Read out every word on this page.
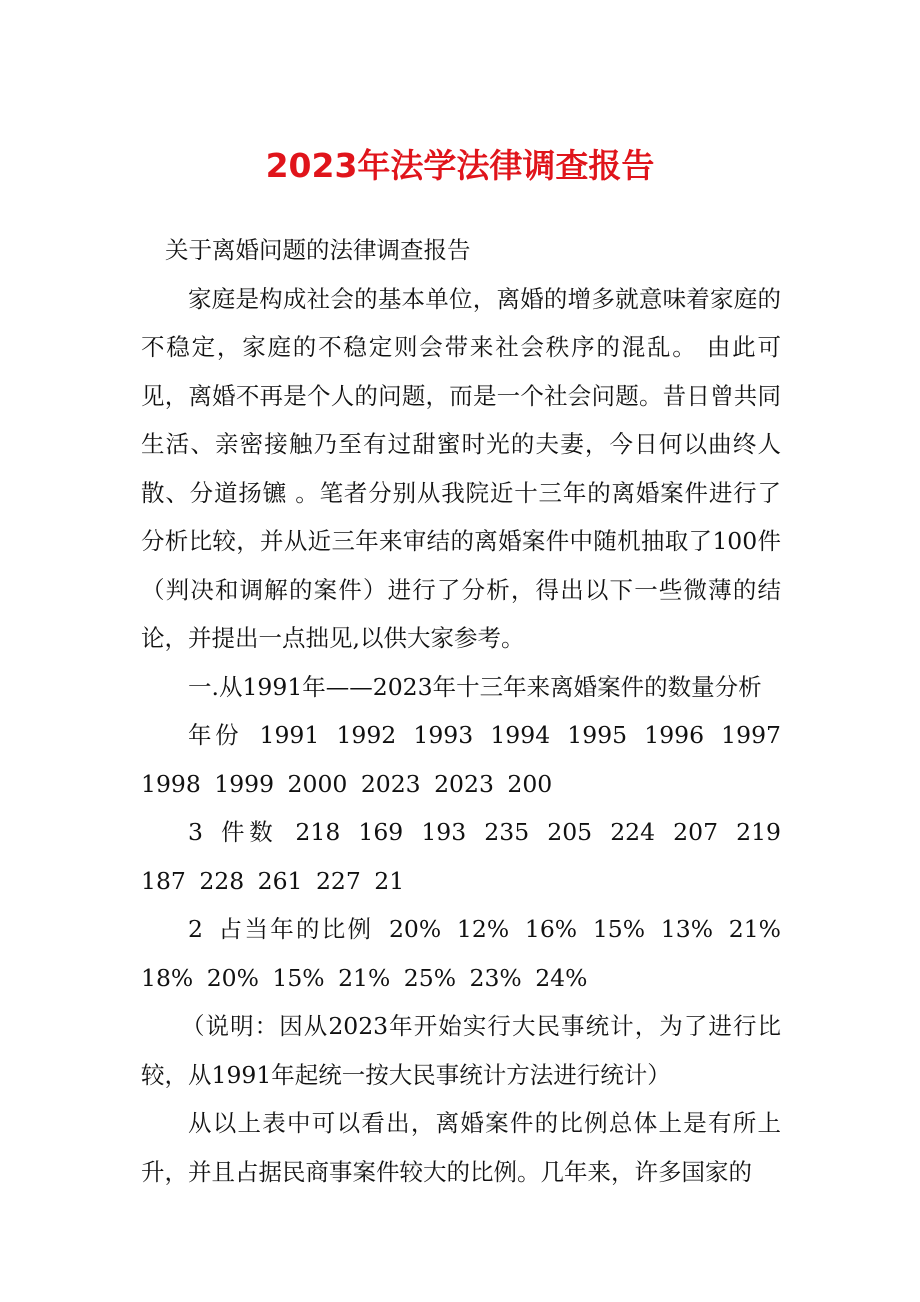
2023年法学法律调查报告

关于离婚问题的法律调查报告

家庭是构成社会的基本单位，离婚的增多就意味着家庭的不稳定，家庭的不稳定则会带来社会秩序的混乱。 由此可见，离婚不再是个人的问题，而是一个社会问题。昔日曾共同生活、亲密接触乃至有过甜蜜时光的夫妻，今日何以曲终人散、分道扬镳 。笔者分别从我院近十三年的离婚案件进行了分析比较，并从近三年来审结的离婚案件中随机抽取了100件（判决和调解的案件）进行了分析，得出以下一些微薄的结论，并提出一点拙见,以供大家参考。

一.从1991年——2023年十三年来离婚案件的数量分析

年份 1991 1992 1993 1994 1995 1996 1997 1998 1999 2000 2023 2023 200

3 件数 218 169 193 235 205 224 207 219 187 228 261 227 21

2 占当年的比例 20% 12% 16% 15% 13% 21% 18% 20% 15% 21% 25% 23% 24%

（说明：因从2023年开始实行大民事统计，为了进行比较，从1991年起统一按大民事统计方法进行统计）

从以上表中可以看出，离婚案件的比例总体上是有所上升，并且占据民商事案件较大的比例。几年来，许多国家的
